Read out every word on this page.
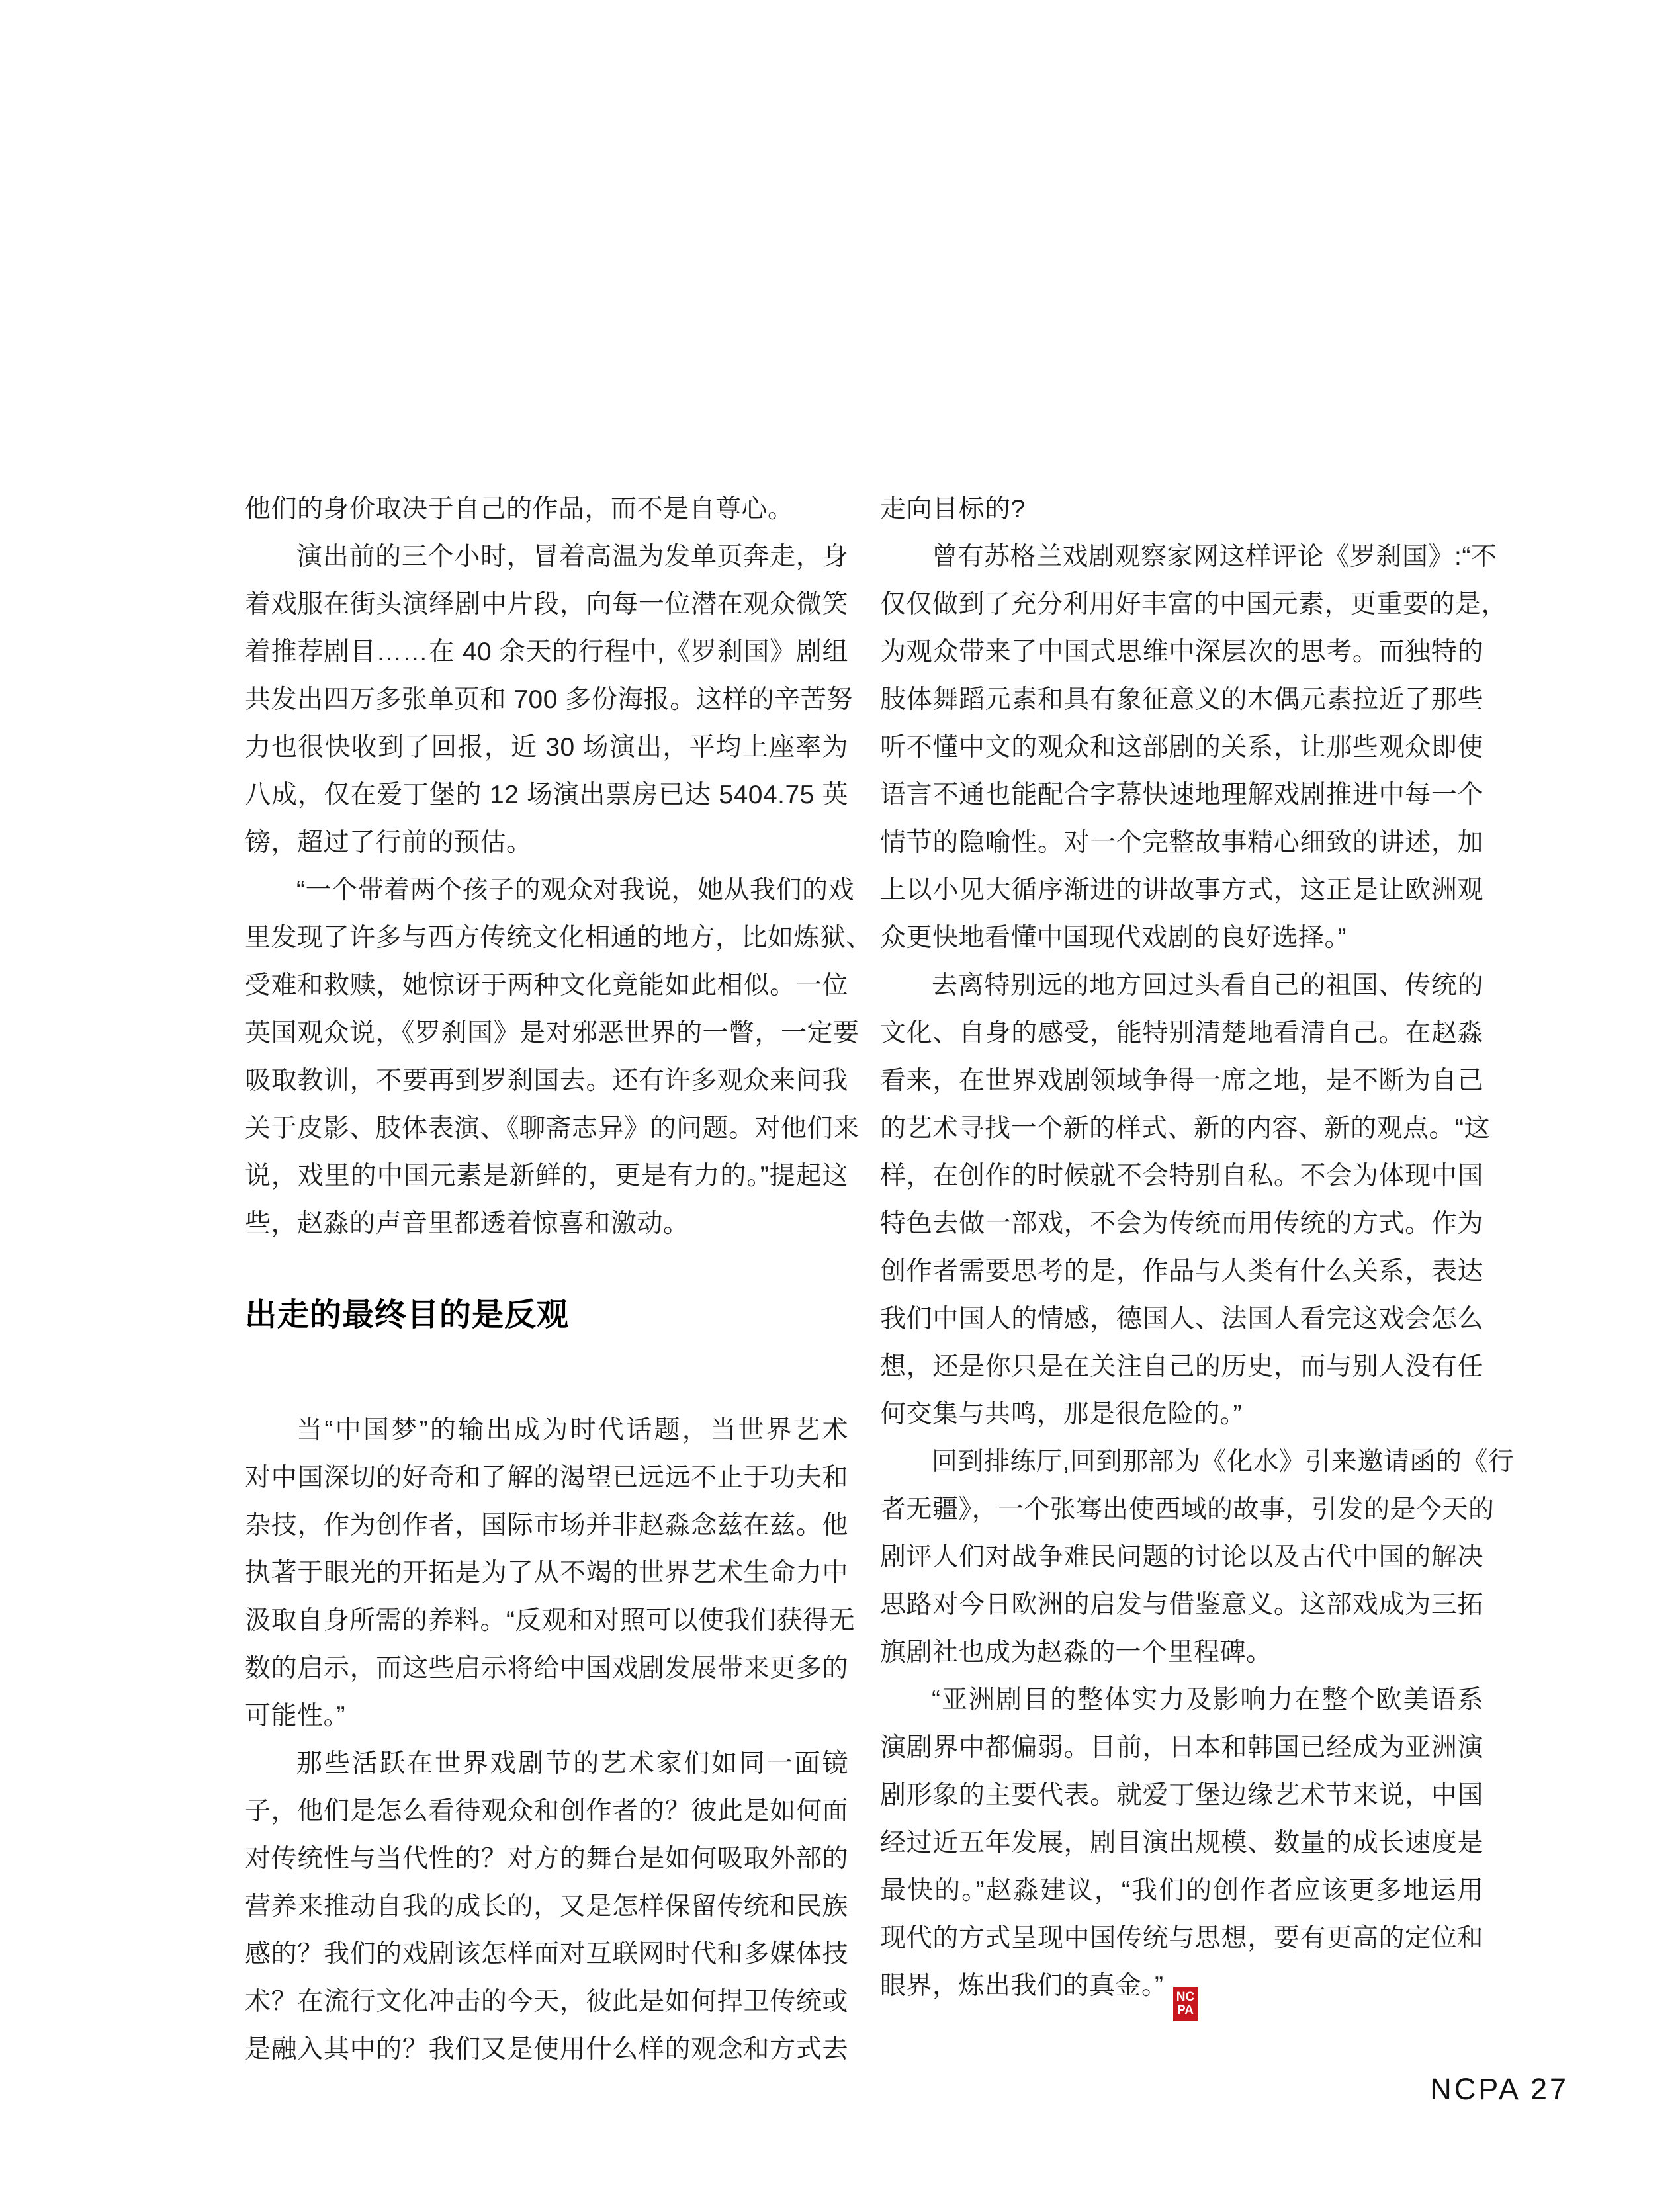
他们的身价取决于自己的作品，而不是自尊心。
演出前的三个小时，冒着高温为发单页奔走，身
着戏服在街头演绎剧中片段，向每一位潜在观众微笑
着推荐剧目……在 40 余天的行程中,《罗刹国》剧组
共发出四万多张单页和 700 多份海报。这样的辛苦努
力也很快收到了回报，近 30 场演出，平均上座率为
八成，仅在爱丁堡的 12 场演出票房已达 5404.75 英
镑，超过了行前的预估。
“一个带着两个孩子的观众对我说，她从我们的戏
里发现了许多与西方传统文化相通的地方，比如炼狱、
受难和救赎，她惊讶于两种文化竟能如此相似。一位
英国观众说，《罗刹国》是对邪恶世界的一瞥，一定要
吸取教训，不要再到罗刹国去。还有许多观众来问我
关于皮影、肢体表演、《聊斋志异》的问题。对他们来
说，戏里的中国元素是新鲜的，更是有力的。”提起这
些，赵淼的声音里都透着惊喜和激动。
出走的最终目的是反观
当“中国梦”的输出成为时代话题，当世界艺术
对中国深切的好奇和了解的渴望已远远不止于功夫和
杂技，作为创作者，国际市场并非赵淼念兹在兹。他
执著于眼光的开拓是为了从不竭的世界艺术生命力中
汲取自身所需的养料。“反观和对照可以使我们获得无
数的启示，而这些启示将给中国戏剧发展带来更多的
可能性。”
那些活跃在世界戏剧节的艺术家们如同一面镜
子，他们是怎么看待观众和创作者的？彼此是如何面
对传统性与当代性的？对方的舞台是如何吸取外部的
营养来推动自我的成长的，又是怎样保留传统和民族
感的？我们的戏剧该怎样面对互联网时代和多媒体技
术？在流行文化冲击的今天，彼此是如何捍卫传统或
是融入其中的？我们又是使用什么样的观念和方式去
走向目标的?
曾有苏格兰戏剧观察家网这样评论《罗刹国》:“不
仅仅做到了充分利用好丰富的中国元素，更重要的是，
为观众带来了中国式思维中深层次的思考。而独特的
肢体舞蹈元素和具有象征意义的木偶元素拉近了那些
听不懂中文的观众和这部剧的关系，让那些观众即使
语言不通也能配合字幕快速地理解戏剧推进中每一个
情节的隐喻性。对一个完整故事精心细致的讲述，加
上以小见大循序渐进的讲故事方式，这正是让欧洲观
众更快地看懂中国现代戏剧的良好选择。”
去离特别远的地方回过头看自己的祖国、传统的
文化、自身的感受，能特别清楚地看清自己。在赵淼
看来，在世界戏剧领域争得一席之地，是不断为自己
的艺术寻找一个新的样式、新的内容、新的观点。“这
样，在创作的时候就不会特别自私。不会为体现中国
特色去做一部戏，不会为传统而用传统的方式。作为
创作者需要思考的是，作品与人类有什么关系，表达
我们中国人的情感，德国人、法国人看完这戏会怎么
想，还是你只是在关注自己的历史，而与别人没有任
何交集与共鸣，那是很危险的。”
回到排练厅,回到那部为《化水》引来邀请函的《行
者无疆》，一个张骞出使西域的故事，引发的是今天的
剧评人们对战争难民问题的讨论以及古代中国的解决
思路对今日欧洲的启发与借鉴意义。这部戏成为三拓
旗剧社也成为赵淼的一个里程碑。
“亚洲剧目的整体实力及影响力在整个欧美语系
演剧界中都偏弱。目前，日本和韩国已经成为亚洲演
剧形象的主要代表。就爱丁堡边缘艺术节来说，中国
经过近五年发展，剧目演出规模、数量的成长速度是
最快的。”赵淼建议，“我们的创作者应该更多地运用
现代的方式呈现中国传统与思想，要有更高的定位和
眼界，炼出我们的真金。” NC
PA
NCPA 27
